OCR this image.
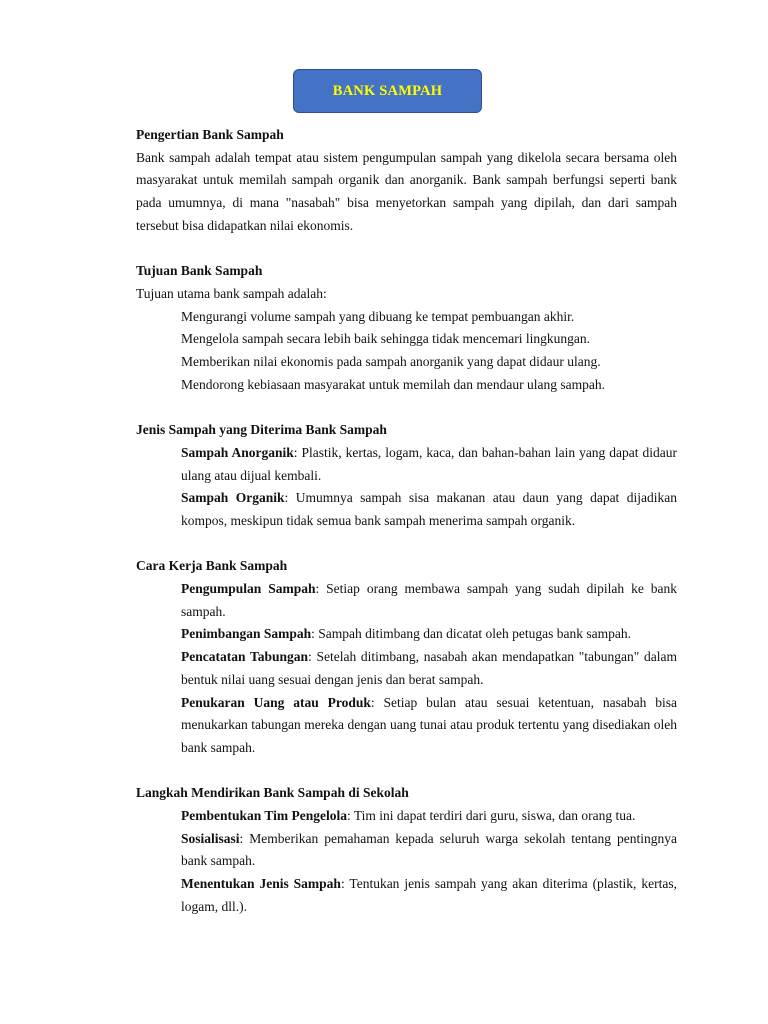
BANK SAMPAH

Pengertian Bank Sampah

Bank sampah adalah tempat atau sistem pengumpulan sampah yang dikelola secara bersama oleh masyarakat untuk memilah sampah organik dan anorganik. Bank sampah berfungsi seperti bank pada umumnya, di mana "nasabah" bisa menyetorkan sampah yang dipilah, dan dari sampah tersebut bisa didapatkan nilai ekonomis.

Tujuan Bank Sampah

Tujuan utama bank sampah adalah:

Mengurangi volume sampah yang dibuang ke tempat pembuangan akhir.

Mengelola sampah secara lebih baik sehingga tidak mencemari lingkungan.

Memberikan nilai ekonomis pada sampah anorganik yang dapat didaur ulang.

Mendorong kebiasaan masyarakat untuk memilah dan mendaur ulang sampah.

Jenis Sampah yang Diterima Bank Sampah

Sampah Anorganik: Plastik, kertas, logam, kaca, dan bahan-bahan lain yang dapat didaur ulang atau dijual kembali.

Sampah Organik: Umumnya sampah sisa makanan atau daun yang dapat dijadikan kompos, meskipun tidak semua bank sampah menerima sampah organik.

Cara Kerja Bank Sampah

Pengumpulan Sampah: Setiap orang membawa sampah yang sudah dipilah ke bank sampah.

Penimbangan Sampah: Sampah ditimbang dan dicatat oleh petugas bank sampah.

Pencatatan Tabungan: Setelah ditimbang, nasabah akan mendapatkan "tabungan" dalam bentuk nilai uang sesuai dengan jenis dan berat sampah.

Penukaran Uang atau Produk: Setiap bulan atau sesuai ketentuan, nasabah bisa menukarkan tabungan mereka dengan uang tunai atau produk tertentu yang disediakan oleh bank sampah.

Langkah Mendirikan Bank Sampah di Sekolah

Pembentukan Tim Pengelola: Tim ini dapat terdiri dari guru, siswa, dan orang tua.

Sosialisasi: Memberikan pemahaman kepada seluruh warga sekolah tentang pentingnya bank sampah.

Menentukan Jenis Sampah: Tentukan jenis sampah yang akan diterima (plastik, kertas, logam, dll.).
